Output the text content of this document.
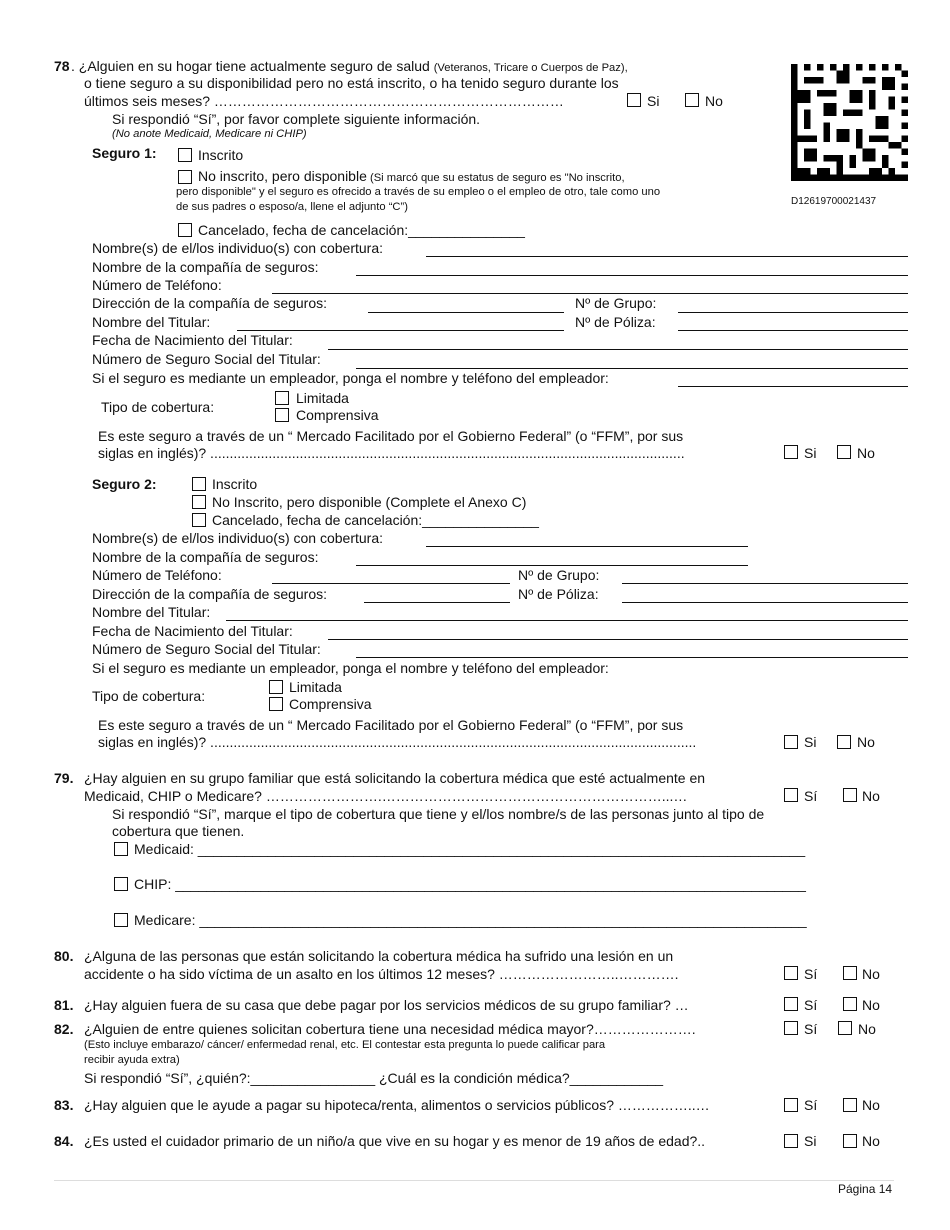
D12619700021437
78 . ¿Alguien en su hogar tiene actualmente seguro de salud (Veteranos, Tricare o Cuerpos de Paz),
o tiene seguro a su disponibilidad pero no está inscrito, o ha tenido seguro durante los
últimos seis meses? …………………………………………………………………	Si	No
Si respondió “Sí”, por favor complete siguiente información.
(No anote Medicaid, Medicare ni CHIP)
Seguro 1:	Inscrito
No inscrito, pero disponible (Si marcó que su estatus de seguro es "No inscrito,
pero disponible" y el seguro es ofrecido a través de su empleo o el empleo de otro, tale como uno
de sus padres o esposo/a, llene el adjunto “C”)
Cancelado, fecha de cancelación:_______________
Nombre(s) de el/los individuo(s) con cobertura:
Nombre de la compañía de seguros:
Número de Teléfono:
Dirección de la compañía de seguros:	Nº de Grupo:
Nombre del Titular:	Nº de Póliza:
Fecha de Nacimiento del Titular:
Número de Seguro Social del Titular:
Si el seguro es mediante un empleador, ponga el nombre y teléfono del empleador:
Tipo de cobertura:
Limitada
Comprensiva
Es este seguro a través de un “ Mercado Facilitado por el Gobierno Federal” (o “FFM”, por sus
siglas en inglés)? ..........................................................................................................................	Si	No
Seguro 2:	Inscrito
No Inscrito, pero disponible (Complete el Anexo C)
Cancelado, fecha de cancelación:_______________
Nombre(s) de el/los individuo(s) con cobertura:
Nombre de la compañía de seguros:
Número de Teléfono:	Nº de Grupo:
Dirección de la compañía de seguros:	Nº de Póliza:
Nombre del Titular:
Fecha de Nacimiento del Titular:
Número de Seguro Social del Titular:
Si el seguro es mediante un empleador, ponga el nombre y teléfono del empleador:
Tipo de cobertura:
Limitada
Comprensiva
Es este seguro a través de un “ Mercado Facilitado por el Gobierno Federal” (o “FFM”, por sus
siglas en inglés)? .............................................................................................................................	Si	No
79. ¿Hay alguien en su grupo familiar que está solicitando la cobertura médica que esté actualmente en
Medicaid, CHIP o Medicare? …………………….……………………………………………………...…	Sí	No
Si respondió “Sí”, marque el tipo de cobertura que tiene y el/los nombre/s de las personas junto al tipo de
cobertura que tienen.
Medicaid: ______________________________________________________________________________
CHIP: _________________________________________________________________________________
Medicare: ______________________________________________________________________________
80. ¿Alguna de las personas que están solicitando la cobertura médica ha sufrido una lesión en un
accidente o ha sido víctima de un asalto en los últimos 12 meses? ……………………..………….	Sí	No
81. ¿Hay alguien fuera de su casa que debe pagar por los servicios médicos de su grupo familiar? …	Sí	No
82. ¿Alguien de entre quienes solicitan cobertura tiene una necesidad médica mayor?………………….	Sí	No
(Esto incluye embarazo/ cáncer/ enfermedad renal, etc. El contestar esta pregunta lo puede calificar para
recibir ayuda extra)
Si respondió “Sí”, ¿quién?:________________ ¿Cuál es la condición médica?____________
83. ¿Hay alguien que le ayude a pagar su hipoteca/renta, alimentos o servicios públicos? ……………..…	Sí	No
84. ¿Es usted el cuidador primario de un niño/a que vive en su hogar y es menor de 19 años de edad?..	Si	No
Página 14
